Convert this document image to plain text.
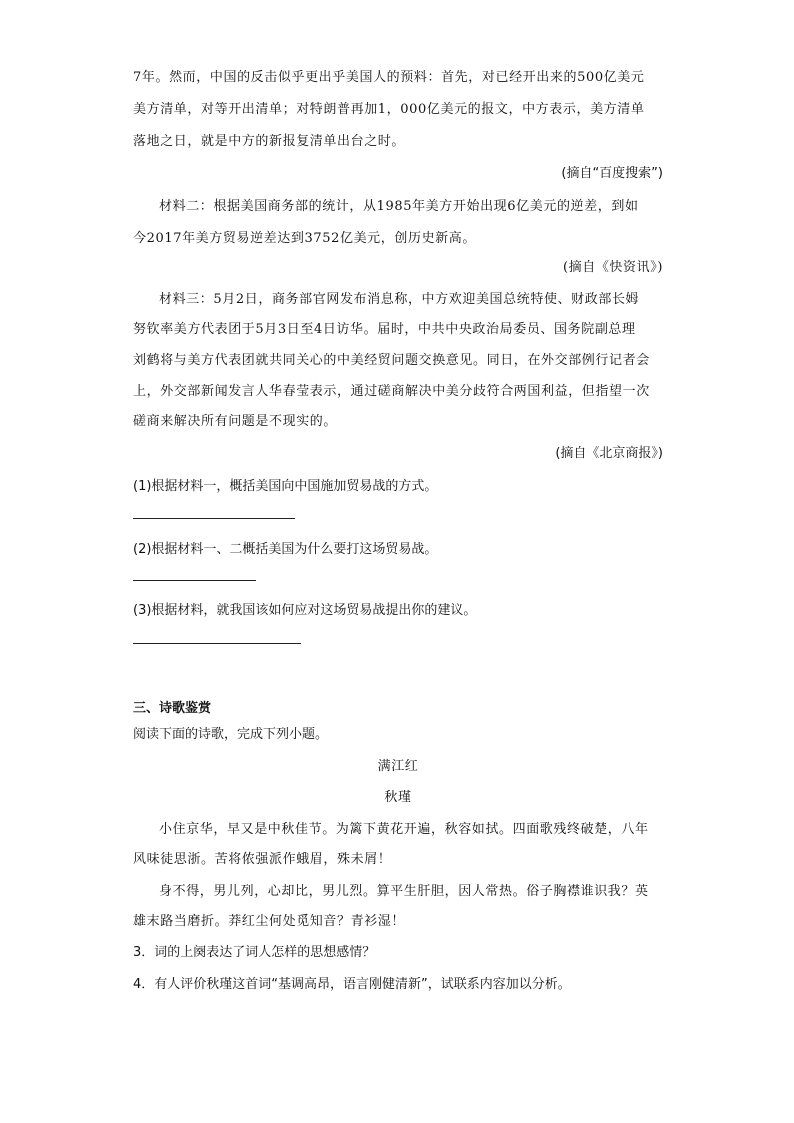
7年。然而，中国的反击似乎更出乎美国人的预料：首先，对已经开出来的500亿美元
美方清单，对等开出清单；对特朗普再加1，000亿美元的报文，中方表示，美方清单
落地之日，就是中方的新报复清单出台之时。
(摘自“百度搜索”)
材料二：根据美国商务部的统计，从1985年美方开始出现6亿美元的逆差，到如
今2017年美方贸易逆差达到3752亿美元，创历史新高。
(摘自《快资讯》)
材料三：5月2日，商务部官网发布消息称，中方欢迎美国总统特使、财政部长姆
努钦率美方代表团于5月3日至4日访华。届时，中共中央政治局委员、国务院副总理
刘鹤将与美方代表团就共同关心的中美经贸问题交换意见。同日，在外交部例行记者会
上，外交部新闻发言人华春莹表示，通过磋商解决中美分歧符合两国利益，但指望一次
磋商来解决所有问题是不现实的。
(摘自《北京商报》)
(1)根据材料一，概括美国向中国施加贸易战的方式。
(2)根据材料一、二概括美国为什么要打这场贸易战。
(3)根据材料，就我国该如何应对这场贸易战提出你的建议。
三、诗歌鉴赏
阅读下面的诗歌，完成下列小题。
满江红
秋瑾
小住京华，早又是中秋佳节。为篱下黄花开遍，秋容如拭。四面歌残终破楚，八年
风味徒思浙。苦将侬强派作蛾眉，殊未屑！
身不得，男儿列，心却比，男儿烈。算平生肝胆，因人常热。俗子胸襟谁识我？英
雄末路当磨折。莽红尘何处觅知音？青衫湿！
3．词的上阕表达了词人怎样的思想感情？
4．有人评价秋瑾这首词“基调高昂，语言刚健清新”，试联系内容加以分析。
